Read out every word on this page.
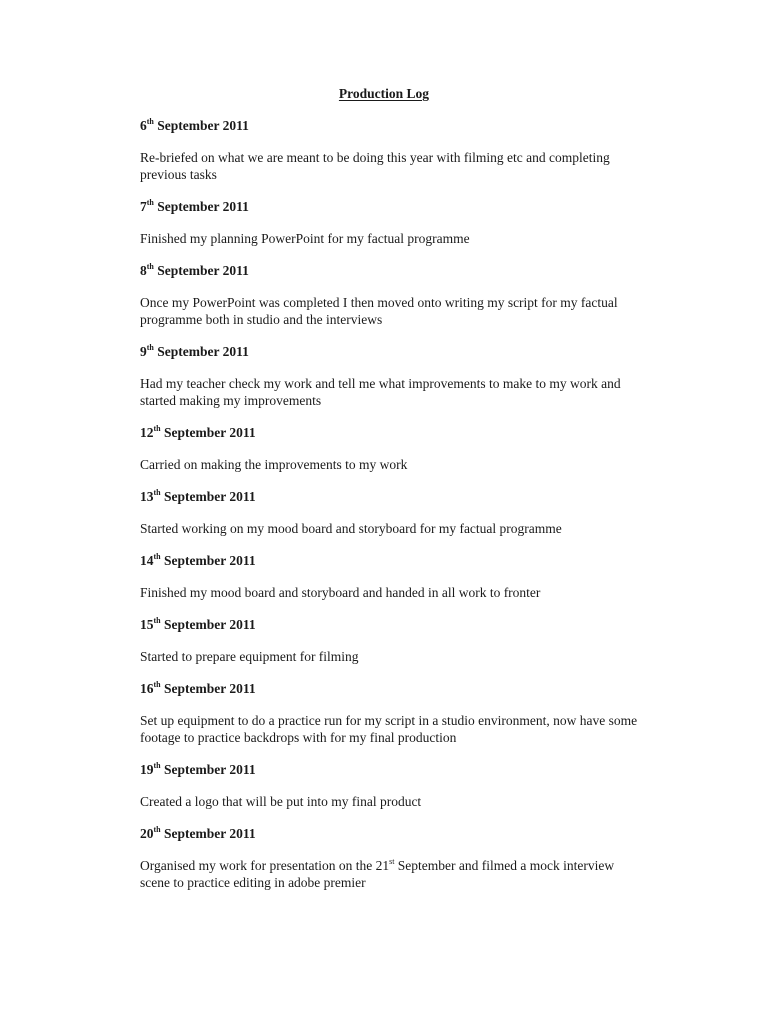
Production Log

6th September 2011

Re-briefed on what we are meant to be doing this year with filming etc and completing previous tasks

7th September 2011

Finished my planning PowerPoint for my factual programme

8th September 2011

Once my PowerPoint was completed I then moved onto writing my script for my factual programme both in studio and the interviews

9th September 2011

Had my teacher check my work and tell me what improvements to make to my work and started making my improvements

12th September 2011

Carried on making the improvements to my work

13th September 2011

Started working on my mood board and storyboard for my factual programme

14th September 2011

Finished my mood board and storyboard and handed in all work to fronter

15th September 2011

Started to prepare equipment for filming

16th September 2011

Set up equipment to do a practice run for my script in a studio environment, now have some footage to practice backdrops with for my final production

19th September 2011

Created a logo that will be put into my final product

20th September 2011

Organised my work for presentation on the 21st September and filmed a mock interview scene to practice editing in adobe premier
